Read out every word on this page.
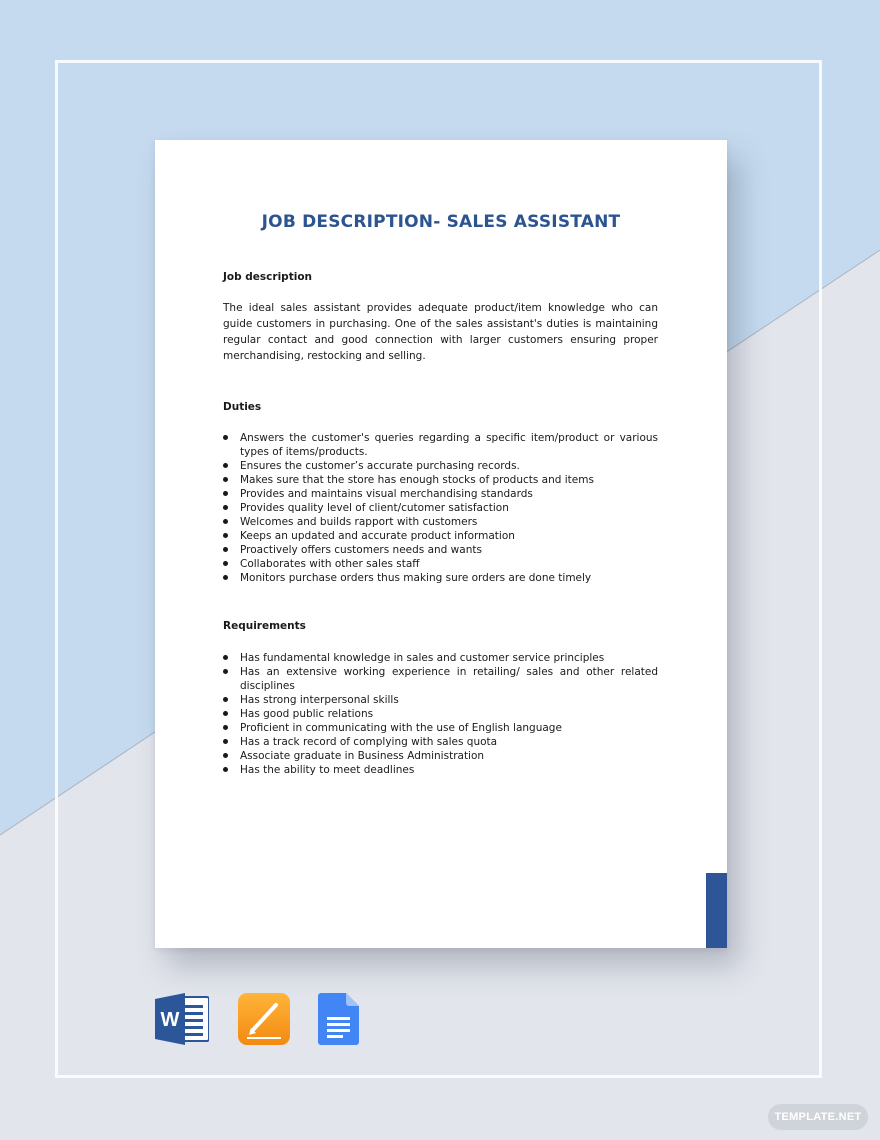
JOB DESCRIPTION- SALES ASSISTANT

Job description

The ideal sales assistant provides adequate product/item knowledge who can guide customers in purchasing. One of the sales assistant's duties is maintaining regular contact and good connection with larger customers ensuring proper merchandising, restocking and selling.

Duties

Answers the customer's queries regarding a specific item/product or various types of items/products.
Ensures the customer’s accurate purchasing records.
Makes sure that the store has enough stocks of products and items
Provides and maintains visual merchandising standards
Provides quality level of client/cutomer satisfaction
Welcomes and builds rapport with customers
Keeps an updated and accurate product information
Proactively offers customers needs and wants
Collaborates with other sales staff
Monitors purchase orders thus making sure orders are done timely

Requirements

Has fundamental knowledge in sales and customer service principles
Has an extensive working experience in retailing/ sales and other related disciplines
Has strong interpersonal skills
Has good public relations
Proficient in communicating with the use of English language
Has a track record of complying with sales quota
Associate graduate in Business Administration
Has the ability to meet deadlines
W
TEMPLATE.NET
